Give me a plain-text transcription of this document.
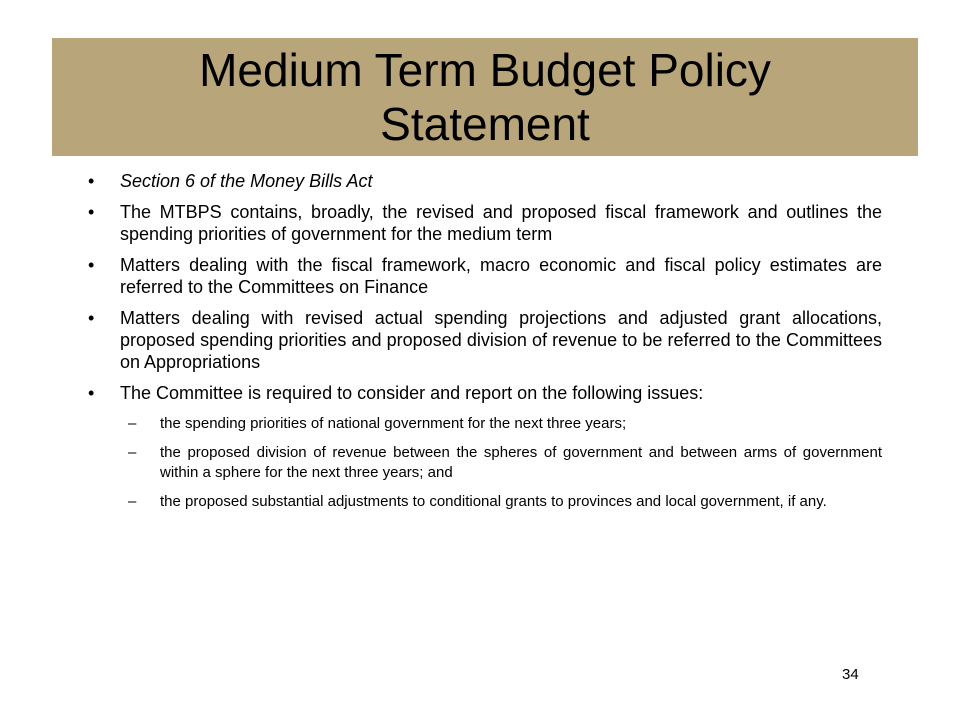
Medium Term Budget Policy
Statement
• Section 6 of the Money Bills Act
• The MTBPS contains, broadly, the revised and proposed fiscal framework and outlines the spending priorities of government for the medium term
• Matters dealing with the fiscal framework, macro economic and fiscal policy estimates are referred to the Committees on Finance
• Matters dealing with revised actual spending projections and adjusted grant allocations, proposed spending priorities and proposed division of revenue to be referred to the Committees on Appropriations
• The Committee is required to consider and report on the following issues:
– the spending priorities of national government for the next three years;
– the proposed division of revenue between the spheres of government and between arms of government within a sphere for the next three years; and
– the proposed substantial adjustments to conditional grants to provinces and local government, if any.
34
